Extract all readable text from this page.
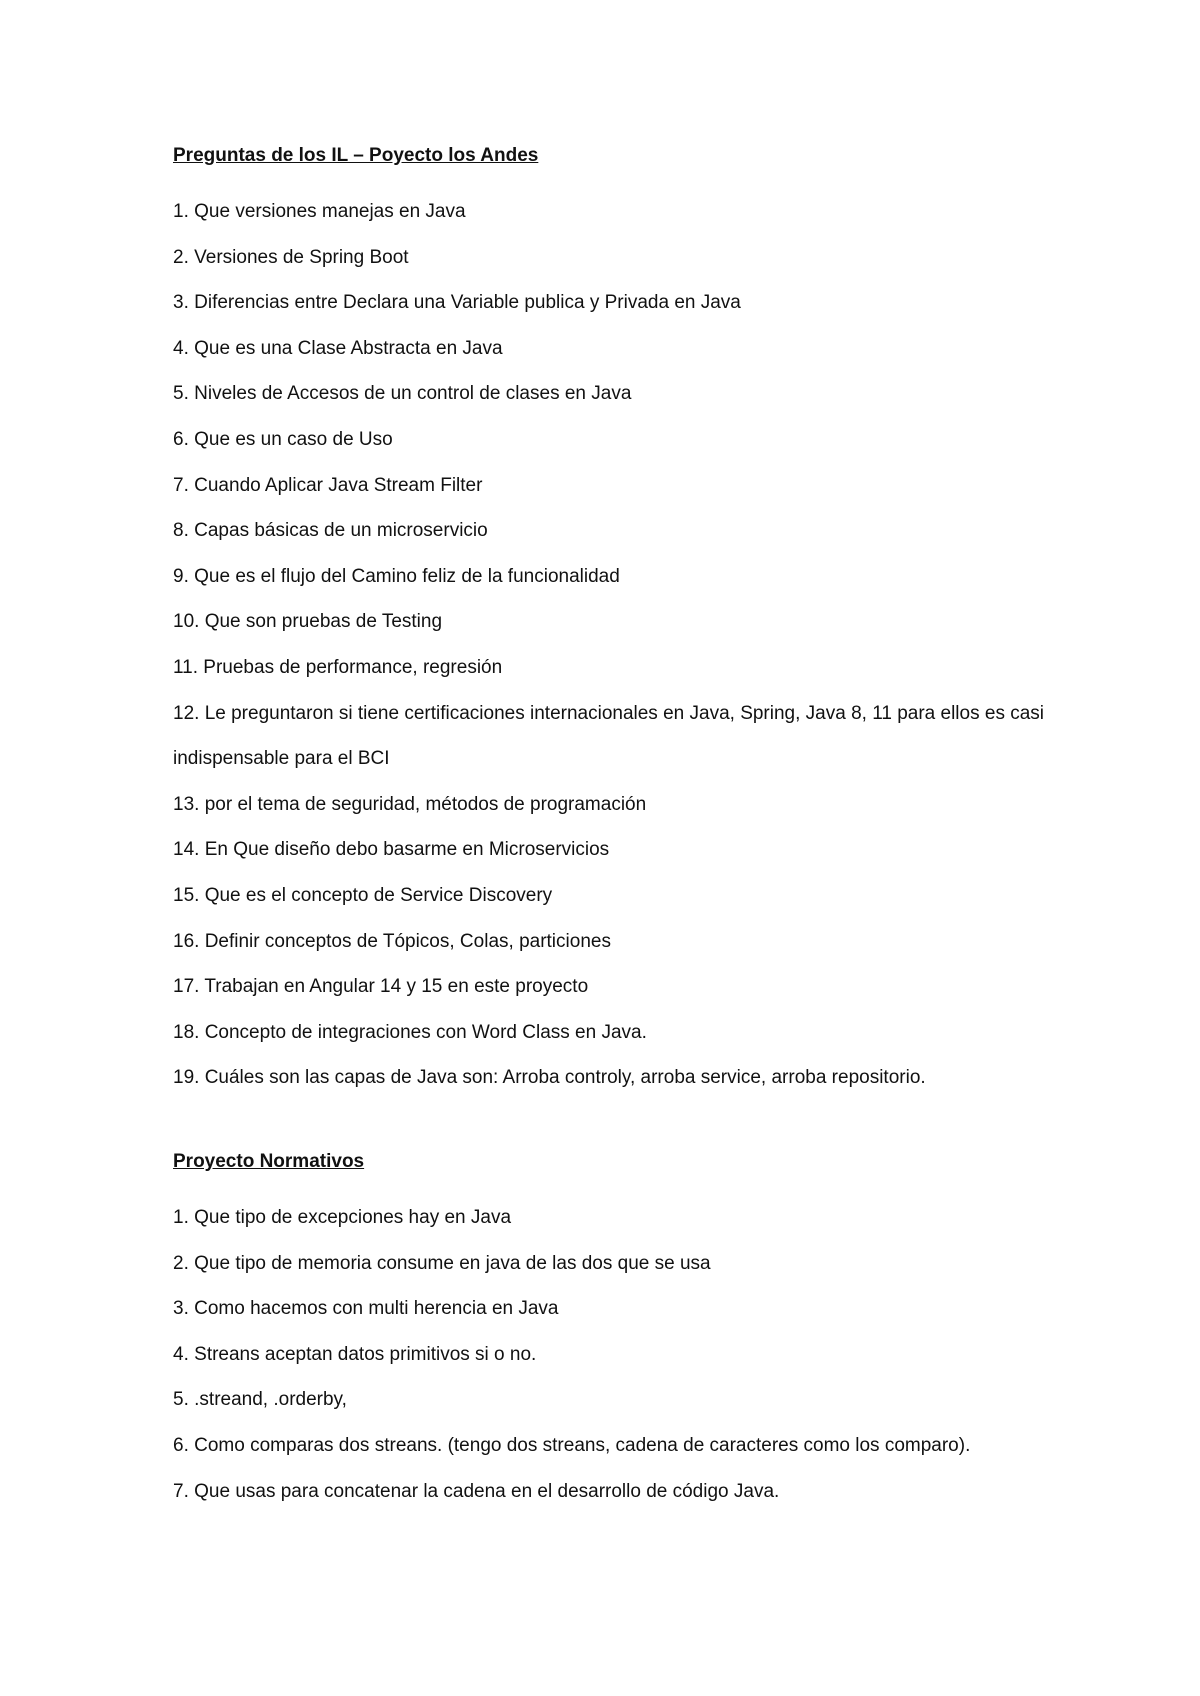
Preguntas de los IL – Poyecto los Andes
1. Que versiones manejas en Java
2. Versiones de Spring Boot
3. Diferencias entre Declara una Variable publica y Privada en Java
4. Que es una Clase Abstracta en Java
5. Niveles de Accesos de un control de clases en Java
6. Que es un caso de Uso
7. Cuando Aplicar Java Stream Filter
8. Capas básicas de un microservicio
9. Que es el flujo del Camino feliz de la funcionalidad
10. Que son pruebas de Testing
11. Pruebas de performance, regresión
12. Le preguntaron si tiene certificaciones internacionales en Java, Spring, Java 8, 11 para ellos es casi indispensable para el BCI
13. por el tema de seguridad, métodos de programación
14. En Que diseño debo basarme en Microservicios
15. Que es el concepto de Service Discovery
16. Definir conceptos de Tópicos, Colas, particiones
17. Trabajan en Angular 14 y 15 en este proyecto
18. Concepto de integraciones con Word Class en Java.
19. Cuáles son las capas de Java son: Arroba controly, arroba service, arroba repositorio.
Proyecto Normativos
1. Que tipo de excepciones hay en Java
2. Que tipo de memoria consume en java de las dos que se usa
3. Como hacemos con multi herencia en Java
4. Streans aceptan datos primitivos si o no.
5. .streand, .orderby,
6. Como comparas dos streans. (tengo dos streans, cadena de caracteres como los comparo).
7. Que usas para concatenar la cadena en el desarrollo de código Java.
